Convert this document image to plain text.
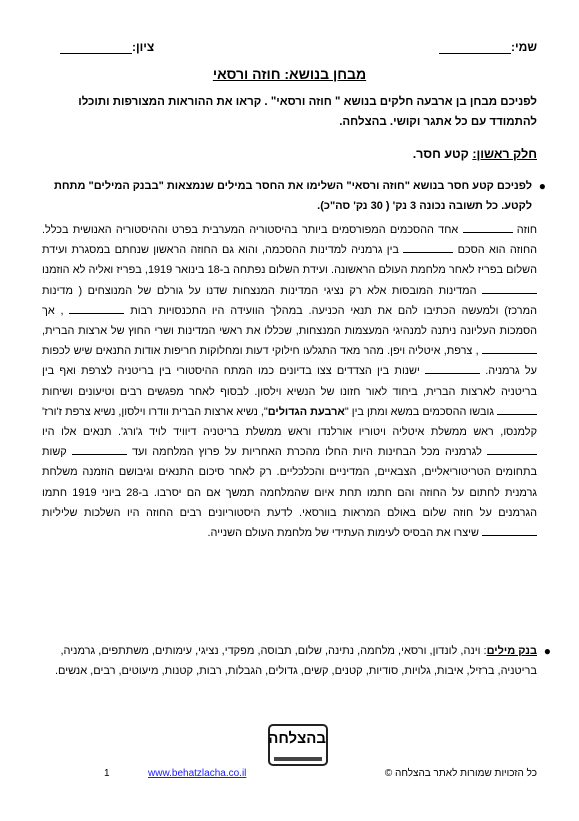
שמי:
ציון:
מבחן בנושא: חוזה ורסאי
לפניכם מבחן בן ארבעה חלקים בנושא " חוזה ורסאי" . קראו את ההוראות המצורפות ותוכלו להתמודד עם כל אתגר וקושי. בהצלחה.
חלק ראשון: קטע חסר.
●
לפניכם קטע חסר בנושא "חוזה ורסאי" השלימו את החסר במילים שנמצאות "בבנק המילים" מתחת לקטע. כל תשובה נכונה 3 נק' ( 30 נק' סה"כ).
חוזה  אחד ההסכמים המפורסמים ביותר בהיסטוריה המערבית בפרט וההיסטוריה האנושית בכלל. החוזה הוא הסכם  בין גרמניה למדינות ההסכמה, והוא גם החוזה הראשון שנחתם במסגרת ועידת השלום בפריז לאחר מלחמת העולם הראשונה. ועידת השלום נפתחה ב-18 בינואר 1919, בפריז ואליה לא הוזמנו  המדינות המובסות אלא רק נציגי המדינות המנצחות שדנו על גורלם של המנוצחים ( מדינות המרכז) ולמעשה הכתיבו להם את תנאי הכניעה. במהלך הוועידה היו התכנסויות רבות  , אך הסמכות העליונה ניתנה למנהיגי המעצמות המנצחות, שכללו את ראשי המדינות ושרי החוץ של ארצות הברית,  , צרפת, איטליה ויפן. מהר מאד התגלעו חילוקי דעות ומחלוקות חריפות אודות התנאים שיש לכפות על גרמניה.  ישנות בין הצדדים צצו בדיונים כמו המתח ההיסטורי בין בריטניה לצרפת ואף בין בריטניה לארצות הברית, ביחוד לאור חזונו של הנשיא וילסון. לבסוף לאחר מפגשים רבים וטיעונים ושיחות  גובשו ההסכמים במשא ומתן בין "ארבעת הגדולים", נשיא ארצות הברית וודרו וילסון, נשיא צרפת ז'ורז' קלמנסו, ראש ממשלת איטליה ויטוריו אורלנדו וראש ממשלת בריטניה דיוויד לויד ג'ורג'. תנאים אלו היו  לגרמניה מכל הבחינות היות החלו מהכרת האחריות על פרוץ המלחמה ועד  קשות בתחומים הטריטוריאליים, הצבאיים, המדיניים והכלכליים. רק לאחר סיכום התנאים וגיבושם הוזמנה משלחת גרמנית לחתום על החוזה והם חתמו תחת איום שהמלחמה תמשך אם הם יסרבו. ב-28 ביוני 1919 חתמו הגרמנים על חוזה שלום באולם המראות בוורסאי. לדעת היסטוריונים רבים החוזה היו השלכות שליליות  שיצרו את הבסיס לעימות העתידי של מלחמת העולם השנייה.
●
בנק מילים: וינה, לונדון, ורסאי, מלחמה, נתינה, שלום, תבוסה, מפקדי, נציגי, עימותים, משתתפים, גרמניה, בריטניה, ברזיל, איבות, גלויות, סודיות, קטנים, קשים, גדולים, הגבלות, רבות, קטנות, מיעוטים, רבים, אנשים.
בהצלחה
כל הזכויות שמורות לאתר בהצלחה ©
www.behatzlacha.co.il
1
